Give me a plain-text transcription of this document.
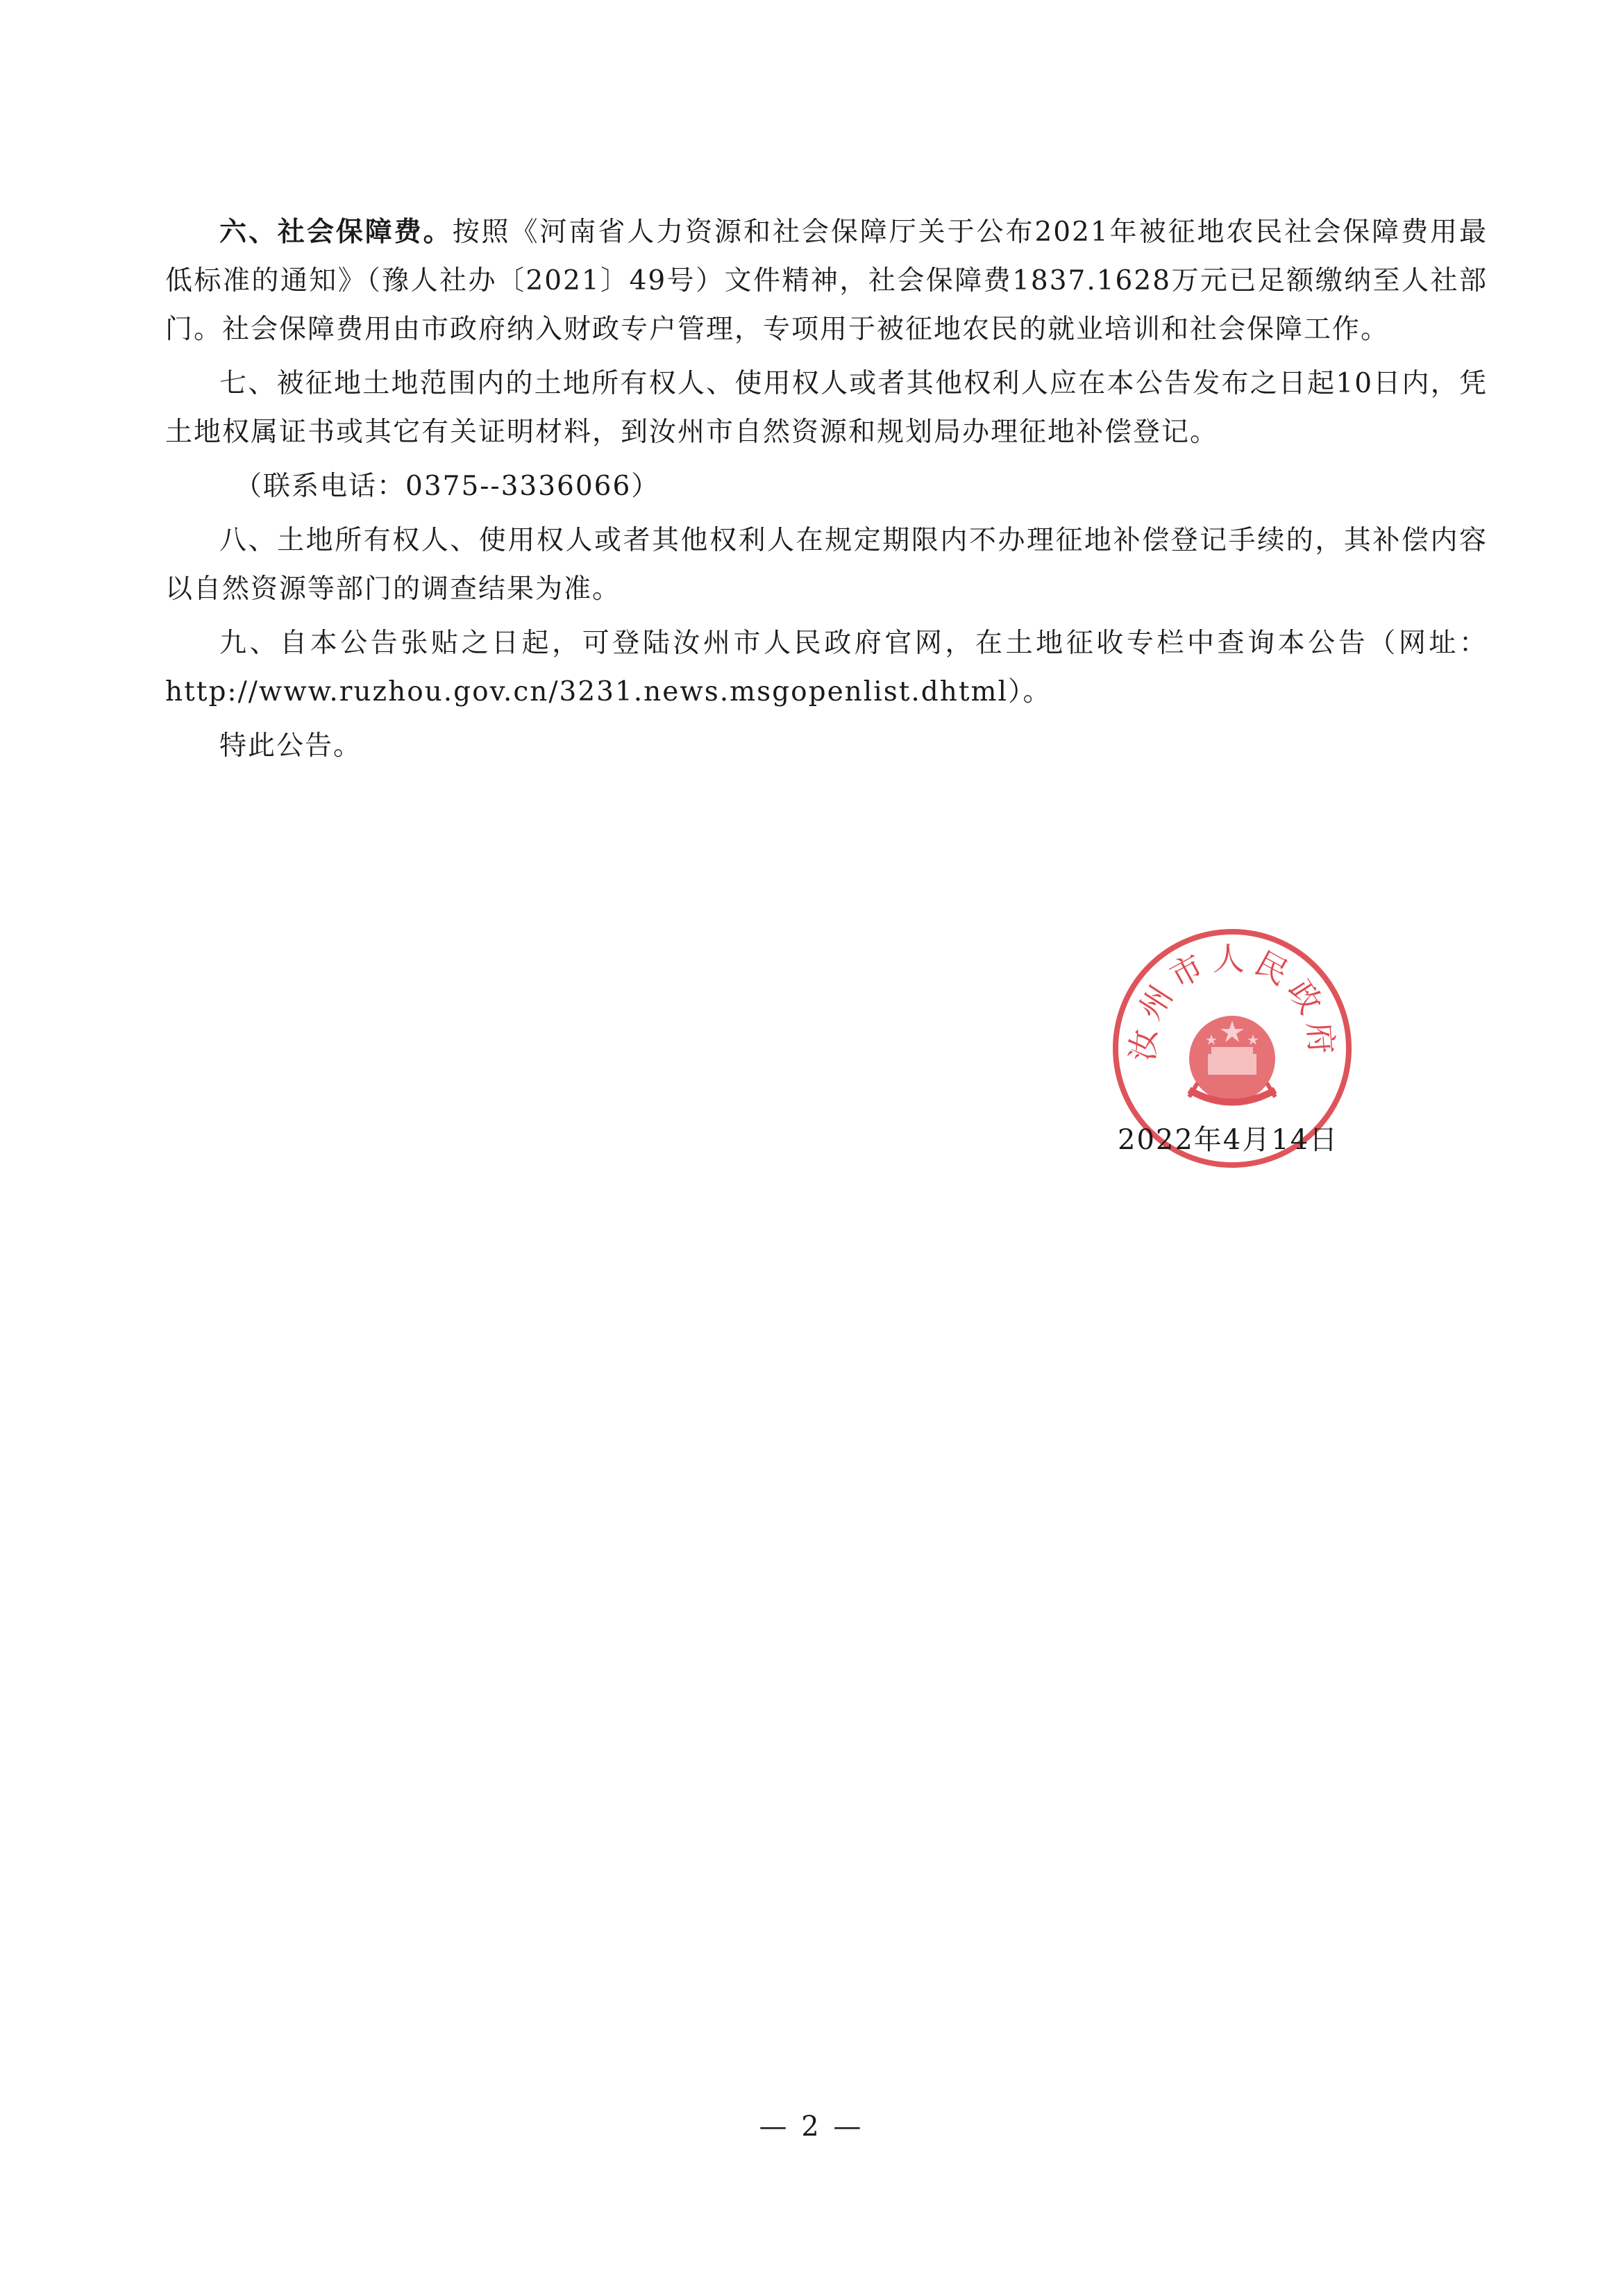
六、社会保障费。按照《河南省人力资源和社会保障厅关于公布2021年被征地农民社会保障费用最低标准的通知》（豫人社办〔2021〕49号）文件精神，社会保障费1837.1628万元已足额缴纳至人社部门。社会保障费用由市政府纳入财政专户管理，专项用于被征地农民的就业培训和社会保障工作。

七、被征地土地范围内的土地所有权人、使用权人或者其他权利人应在本公告发布之日起10日内，凭土地权属证书或其它有关证明材料，到汝州市自然资源和规划局办理征地补偿登记。

（联系电话：0375--3336066）

八、土地所有权人、使用权人或者其他权利人在规定期限内不办理征地补偿登记手续的，其补偿内容以自然资源等部门的调查结果为准。

九、自本公告张贴之日起，可登陆汝州市人民政府官网，在土地征收专栏中查询本公告（网址：http://www.ruzhou.gov.cn/3231.news.msgopenlist.dhtml）。

特此公告。

汝州市人民政府
2022年4月14日
— 2 —
